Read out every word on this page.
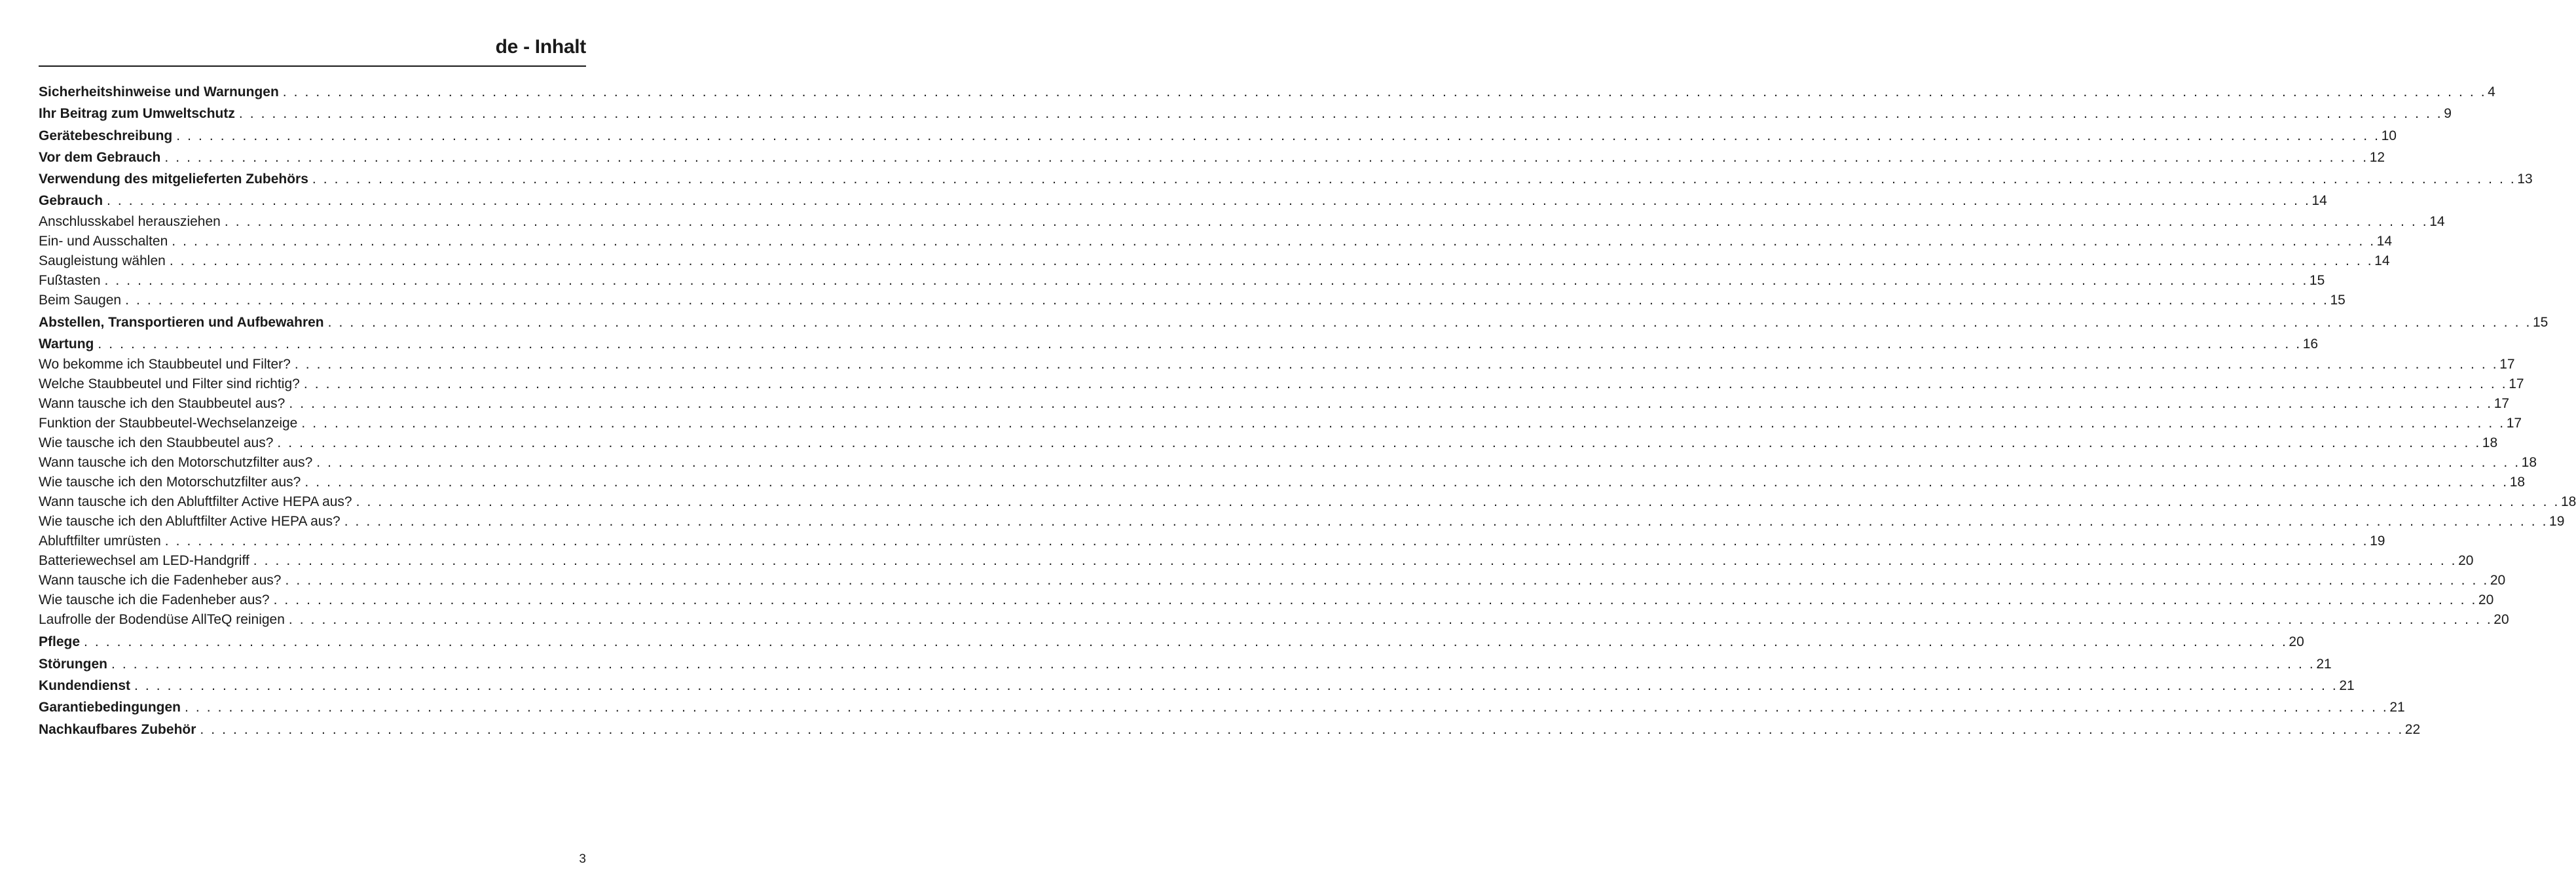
de - Inhalt
Sicherheitshinweise und Warnungen . . . . . . . . . . . . . . . . . . . . . . . . . . . . . . . . . . . . . . . . . . . . . . . . . . . . . . . . . . . . . . . . . . . . . . . . . . . . . . . . . . . . . . . . . . . . . . . . . . . . . . . . . . . . . . . . . . . . . . . . . . . . . . . . . . . . . . . . . . . . . . . . . . . . . . . . . . . . . . . . . . . . . . . . . . . . . . . . . . . . . . . . . . . . . . . . . . . . . . . . 4
Ihr Beitrag zum Umweltschutz . . . . . . . . . . . . . . . . . . . . . . . . . . . . . . . . . . . . . . . . . . . . . . . . . . . . . . . . . . . . . . . . . . . . . . . . . . . . . . . . . . . . . . . . . . . . . . . . . . . . . . . . . . . . . . . . . . . . . . . . . . . . . . . . . . . . . . . . . . . . . . . . . . . . . . . . . . . . . . . . . . . . . . . . . . . . . . . . . . . . . . . . . . . . . . . . . . . . . . . . 9
Gerätebeschreibung . . . . . . . . . . . . . . . . . . . . . . . . . . . . . . . . . . . . . . . . . . . . . . . . . . . . . . . . . . . . . . . . . . . . . . . . . . . . . . . . . . . . . . . . . . . . . . . . . . . . . . . . . . . . . . . . . . . . . . . . . . . . . . . . . . . . . . . . . . . . . . . . . . . . . . . . . . . . . . . . . . . . . . . . . . . . . . . . . . . . . . . . . . . . . . . . . . . . . . . . 10
Vor dem Gebrauch . . . . . . . . . . . . . . . . . . . . . . . . . . . . . . . . . . . . . . . . . . . . . . . . . . . . . . . . . . . . . . . . . . . . . . . . . . . . . . . . . . . . . . . . . . . . . . . . . . . . . . . . . . . . . . . . . . . . . . . . . . . . . . . . . . . . . . . . . . . . . . . . . . . . . . . . . . . . . . . . . . . . . . . . . . . . . . . . . . . . . . . . . . . . . . . . . . . . . . . . 12
Verwendung des mitgelieferten Zubehörs . . . . . . . . . . . . . . . . . . . . . . . . . . . . . . . . . . . . . . . . . . . . . . . . . . . . . . . . . . . . . . . . . . . . . . . . . . . . . . . . . . . . . . . . . . . . . . . . . . . . . . . . . . . . . . . . . . . . . . . . . . . . . . . . . . . . . . . . . . . . . . . . . . . . . . . . . . . . . . . . . . . . . . . . . . . . . . . . . . . . . . . . . . . . . . . . . . . . . . . . 13
Gebrauch . . . . . . . . . . . . . . . . . . . . . . . . . . . . . . . . . . . . . . . . . . . . . . . . . . . . . . . . . . . . . . . . . . . . . . . . . . . . . . . . . . . . . . . . . . . . . . . . . . . . . . . . . . . . . . . . . . . . . . . . . . . . . . . . . . . . . . . . . . . . . . . . . . . . . . . . . . . . . . . . . . . . . . . . . . . . . . . . . . . . . . . . . . . . . . . . . . . . . . . . 14
Anschlusskabel herausziehen . . . . . . . . . . . . . . . . . . . . . . . . . . . . . . . . . . . . . . . . . . . . . . . . . . . . . . . . . . . . . . . . . . . . . . . . . . . . . . . . . . . . . . . . . . . . . . . . . . . . . . . . . . . . . . . . . . . . . . . . . . . . . . . . . . . . . . . . . . . . . . . . . . . . . . . . . . . . . . . . . . . . . . . . . . . . . . . . . . . . . . . . . . . . . . . . . . . . . . . . 14
Ein- und Ausschalten . . . . . . . . . . . . . . . . . . . . . . . . . . . . . . . . . . . . . . . . . . . . . . . . . . . . . . . . . . . . . . . . . . . . . . . . . . . . . . . . . . . . . . . . . . . . . . . . . . . . . . . . . . . . . . . . . . . . . . . . . . . . . . . . . . . . . . . . . . . . . . . . . . . . . . . . . . . . . . . . . . . . . . . . . . . . . . . . . . . . . . . . . . . . . . . . . . . . . . . . 14
Saugleistung wählen . . . . . . . . . . . . . . . . . . . . . . . . . . . . . . . . . . . . . . . . . . . . . . . . . . . . . . . . . . . . . . . . . . . . . . . . . . . . . . . . . . . . . . . . . . . . . . . . . . . . . . . . . . . . . . . . . . . . . . . . . . . . . . . . . . . . . . . . . . . . . . . . . . . . . . . . . . . . . . . . . . . . . . . . . . . . . . . . . . . . . . . . . . . . . . . . . . . . . . . . 14
Fußtasten . . . . . . . . . . . . . . . . . . . . . . . . . . . . . . . . . . . . . . . . . . . . . . . . . . . . . . . . . . . . . . . . . . . . . . . . . . . . . . . . . . . . . . . . . . . . . . . . . . . . . . . . . . . . . . . . . . . . . . . . . . . . . . . . . . . . . . . . . . . . . . . . . . . . . . . . . . . . . . . . . . . . . . . . . . . . . . . . . . . . . . . . . . . . . . . . . . . . . . . . 15
Beim Saugen . . . . . . . . . . . . . . . . . . . . . . . . . . . . . . . . . . . . . . . . . . . . . . . . . . . . . . . . . . . . . . . . . . . . . . . . . . . . . . . . . . . . . . . . . . . . . . . . . . . . . . . . . . . . . . . . . . . . . . . . . . . . . . . . . . . . . . . . . . . . . . . . . . . . . . . . . . . . . . . . . . . . . . . . . . . . . . . . . . . . . . . . . . . . . . . . . . . . . . . . 15
Abstellen, Transportieren und Aufbewahren . . . . . . . . . . . . . . . . . . . . . . . . . . . . . . . . . . . . . . . . . . . . . . . . . . . . . . . . . . . . . . . . . . . . . . . . . . . . . . . . . . . . . . . . . . . . . . . . . . . . . . . . . . . . . . . . . . . . . . . . . . . . . . . . . . . . . . . . . . . . . . . . . . . . . . . . . . . . . . . . . . . . . . . . . . . . . . . . . . . . . . . . . . . . . . . . . . . . . . . . 15
Wartung . . . . . . . . . . . . . . . . . . . . . . . . . . . . . . . . . . . . . . . . . . . . . . . . . . . . . . . . . . . . . . . . . . . . . . . . . . . . . . . . . . . . . . . . . . . . . . . . . . . . . . . . . . . . . . . . . . . . . . . . . . . . . . . . . . . . . . . . . . . . . . . . . . . . . . . . . . . . . . . . . . . . . . . . . . . . . . . . . . . . . . . . . . . . . . . . . . . . . . . . 16
Wo bekomme ich Staubbeutel und Filter? . . . . . . . . . . . . . . . . . . . . . . . . . . . . . . . . . . . . . . . . . . . . . . . . . . . . . . . . . . . . . . . . . . . . . . . . . . . . . . . . . . . . . . . . . . . . . . . . . . . . . . . . . . . . . . . . . . . . . . . . . . . . . . . . . . . . . . . . . . . . . . . . . . . . . . . . . . . . . . . . . . . . . . . . . . . . . . . . . . . . . . . . . . . . . . . . . . . . . . . . 17
Welche Staubbeutel und Filter sind richtig? . . . . . . . . . . . . . . . . . . . . . . . . . . . . . . . . . . . . . . . . . . . . . . . . . . . . . . . . . . . . . . . . . . . . . . . . . . . . . . . . . . . . . . . . . . . . . . . . . . . . . . . . . . . . . . . . . . . . . . . . . . . . . . . . . . . . . . . . . . . . . . . . . . . . . . . . . . . . . . . . . . . . . . . . . . . . . . . . . . . . . . . . . . . . . . . . . . . . . . . . 17
Wann tausche ich den Staubbeutel aus? . . . . . . . . . . . . . . . . . . . . . . . . . . . . . . . . . . . . . . . . . . . . . . . . . . . . . . . . . . . . . . . . . . . . . . . . . . . . . . . . . . . . . . . . . . . . . . . . . . . . . . . . . . . . . . . . . . . . . . . . . . . . . . . . . . . . . . . . . . . . . . . . . . . . . . . . . . . . . . . . . . . . . . . . . . . . . . . . . . . . . . . . . . . . . . . . . . . . . . . . 17
Funktion der Staubbeutel-Wechselanzeige . . . . . . . . . . . . . . . . . . . . . . . . . . . . . . . . . . . . . . . . . . . . . . . . . . . . . . . . . . . . . . . . . . . . . . . . . . . . . . . . . . . . . . . . . . . . . . . . . . . . . . . . . . . . . . . . . . . . . . . . . . . . . . . . . . . . . . . . . . . . . . . . . . . . . . . . . . . . . . . . . . . . . . . . . . . . . . . . . . . . . . . . . . . . . . . . . . . . . . . . 17
Wie tausche ich den Staubbeutel aus? . . . . . . . . . . . . . . . . . . . . . . . . . . . . . . . . . . . . . . . . . . . . . . . . . . . . . . . . . . . . . . . . . . . . . . . . . . . . . . . . . . . . . . . . . . . . . . . . . . . . . . . . . . . . . . . . . . . . . . . . . . . . . . . . . . . . . . . . . . . . . . . . . . . . . . . . . . . . . . . . . . . . . . . . . . . . . . . . . . . . . . . . . . . . . . . . . . . . . . . . 18
Wann tausche ich den Motorschutzfilter aus? . . . . . . . . . . . . . . . . . . . . . . . . . . . . . . . . . . . . . . . . . . . . . . . . . . . . . . . . . . . . . . . . . . . . . . . . . . . . . . . . . . . . . . . . . . . . . . . . . . . . . . . . . . . . . . . . . . . . . . . . . . . . . . . . . . . . . . . . . . . . . . . . . . . . . . . . . . . . . . . . . . . . . . . . . . . . . . . . . . . . . . . . . . . . . . . . . . . . . . . . 18
Wie tausche ich den Motorschutzfilter aus? . . . . . . . . . . . . . . . . . . . . . . . . . . . . . . . . . . . . . . . . . . . . . . . . . . . . . . . . . . . . . . . . . . . . . . . . . . . . . . . . . . . . . . . . . . . . . . . . . . . . . . . . . . . . . . . . . . . . . . . . . . . . . . . . . . . . . . . . . . . . . . . . . . . . . . . . . . . . . . . . . . . . . . . . . . . . . . . . . . . . . . . . . . . . . . . . . . . . . . . . 18
Wann tausche ich den Abluftfilter Active HEPA aus? . . . . . . . . . . . . . . . . . . . . . . . . . . . . . . . . . . . . . . . . . . . . . . . . . . . . . . . . . . . . . . . . . . . . . . . . . . . . . . . . . . . . . . . . . . . . . . . . . . . . . . . . . . . . . . . . . . . . . . . . . . . . . . . . . . . . . . . . . . . . . . . . . . . . . . . . . . . . . . . . . . . . . . . . . . . . . . . . . . . . . . . . . . . . . . . . . . . . . . . . 18
Wie tausche ich den Abluftfilter Active HEPA aus? . . . . . . . . . . . . . . . . . . . . . . . . . . . . . . . . . . . . . . . . . . . . . . . . . . . . . . . . . . . . . . . . . . . . . . . . . . . . . . . . . . . . . . . . . . . . . . . . . . . . . . . . . . . . . . . . . . . . . . . . . . . . . . . . . . . . . . . . . . . . . . . . . . . . . . . . . . . . . . . . . . . . . . . . . . . . . . . . . . . . . . . . . . . . . . . . . . . . . . . . 19
Abluftfilter umrüsten . . . . . . . . . . . . . . . . . . . . . . . . . . . . . . . . . . . . . . . . . . . . . . . . . . . . . . . . . . . . . . . . . . . . . . . . . . . . . . . . . . . . . . . . . . . . . . . . . . . . . . . . . . . . . . . . . . . . . . . . . . . . . . . . . . . . . . . . . . . . . . . . . . . . . . . . . . . . . . . . . . . . . . . . . . . . . . . . . . . . . . . . . . . . . . . . . . . . . . . . 19
Batteriewechsel am LED-Handgriff . . . . . . . . . . . . . . . . . . . . . . . . . . . . . . . . . . . . . . . . . . . . . . . . . . . . . . . . . . . . . . . . . . . . . . . . . . . . . . . . . . . . . . . . . . . . . . . . . . . . . . . . . . . . . . . . . . . . . . . . . . . . . . . . . . . . . . . . . . . . . . . . . . . . . . . . . . . . . . . . . . . . . . . . . . . . . . . . . . . . . . . . . . . . . . . . . . . . . . . . 20
Wann tausche ich die Fadenheber aus? . . . . . . . . . . . . . . . . . . . . . . . . . . . . . . . . . . . . . . . . . . . . . . . . . . . . . . . . . . . . . . . . . . . . . . . . . . . . . . . . . . . . . . . . . . . . . . . . . . . . . . . . . . . . . . . . . . . . . . . . . . . . . . . . . . . . . . . . . . . . . . . . . . . . . . . . . . . . . . . . . . . . . . . . . . . . . . . . . . . . . . . . . . . . . . . . . . . . . . . . 20
Wie tausche ich die Fadenheber aus? . . . . . . . . . . . . . . . . . . . . . . . . . . . . . . . . . . . . . . . . . . . . . . . . . . . . . . . . . . . . . . . . . . . . . . . . . . . . . . . . . . . . . . . . . . . . . . . . . . . . . . . . . . . . . . . . . . . . . . . . . . . . . . . . . . . . . . . . . . . . . . . . . . . . . . . . . . . . . . . . . . . . . . . . . . . . . . . . . . . . . . . . . . . . . . . . . . . . . . . . 20
Laufrolle der Bodendüse AllTeQ reinigen . . . . . . . . . . . . . . . . . . . . . . . . . . . . . . . . . . . . . . . . . . . . . . . . . . . . . . . . . . . . . . . . . . . . . . . . . . . . . . . . . . . . . . . . . . . . . . . . . . . . . . . . . . . . . . . . . . . . . . . . . . . . . . . . . . . . . . . . . . . . . . . . . . . . . . . . . . . . . . . . . . . . . . . . . . . . . . . . . . . . . . . . . . . . . . . . . . . . . . . . 20
Pflege . . . . . . . . . . . . . . . . . . . . . . . . . . . . . . . . . . . . . . . . . . . . . . . . . . . . . . . . . . . . . . . . . . . . . . . . . . . . . . . . . . . . . . . . . . . . . . . . . . . . . . . . . . . . . . . . . . . . . . . . . . . . . . . . . . . . . . . . . . . . . . . . . . . . . . . . . . . . . . . . . . . . . . . . . . . . . . . . . . . . . . . . . . . . . . . . . . . . . . . . 20
Störungen . . . . . . . . . . . . . . . . . . . . . . . . . . . . . . . . . . . . . . . . . . . . . . . . . . . . . . . . . . . . . . . . . . . . . . . . . . . . . . . . . . . . . . . . . . . . . . . . . . . . . . . . . . . . . . . . . . . . . . . . . . . . . . . . . . . . . . . . . . . . . . . . . . . . . . . . . . . . . . . . . . . . . . . . . . . . . . . . . . . . . . . . . . . . . . . . . . . . . . . . 21
Kundendienst . . . . . . . . . . . . . . . . . . . . . . . . . . . . . . . . . . . . . . . . . . . . . . . . . . . . . . . . . . . . . . . . . . . . . . . . . . . . . . . . . . . . . . . . . . . . . . . . . . . . . . . . . . . . . . . . . . . . . . . . . . . . . . . . . . . . . . . . . . . . . . . . . . . . . . . . . . . . . . . . . . . . . . . . . . . . . . . . . . . . . . . . . . . . . . . . . . . . . . . . 21
Garantiebedingungen . . . . . . . . . . . . . . . . . . . . . . . . . . . . . . . . . . . . . . . . . . . . . . . . . . . . . . . . . . . . . . . . . . . . . . . . . . . . . . . . . . . . . . . . . . . . . . . . . . . . . . . . . . . . . . . . . . . . . . . . . . . . . . . . . . . . . . . . . . . . . . . . . . . . . . . . . . . . . . . . . . . . . . . . . . . . . . . . . . . . . . . . . . . . . . . . . . . . . . . . 21
Nachkaufbares Zubehör . . . . . . . . . . . . . . . . . . . . . . . . . . . . . . . . . . . . . . . . . . . . . . . . . . . . . . . . . . . . . . . . . . . . . . . . . . . . . . . . . . . . . . . . . . . . . . . . . . . . . . . . . . . . . . . . . . . . . . . . . . . . . . . . . . . . . . . . . . . . . . . . . . . . . . . . . . . . . . . . . . . . . . . . . . . . . . . . . . . . . . . . . . . . . . . . . . . . . . . . 22
3
